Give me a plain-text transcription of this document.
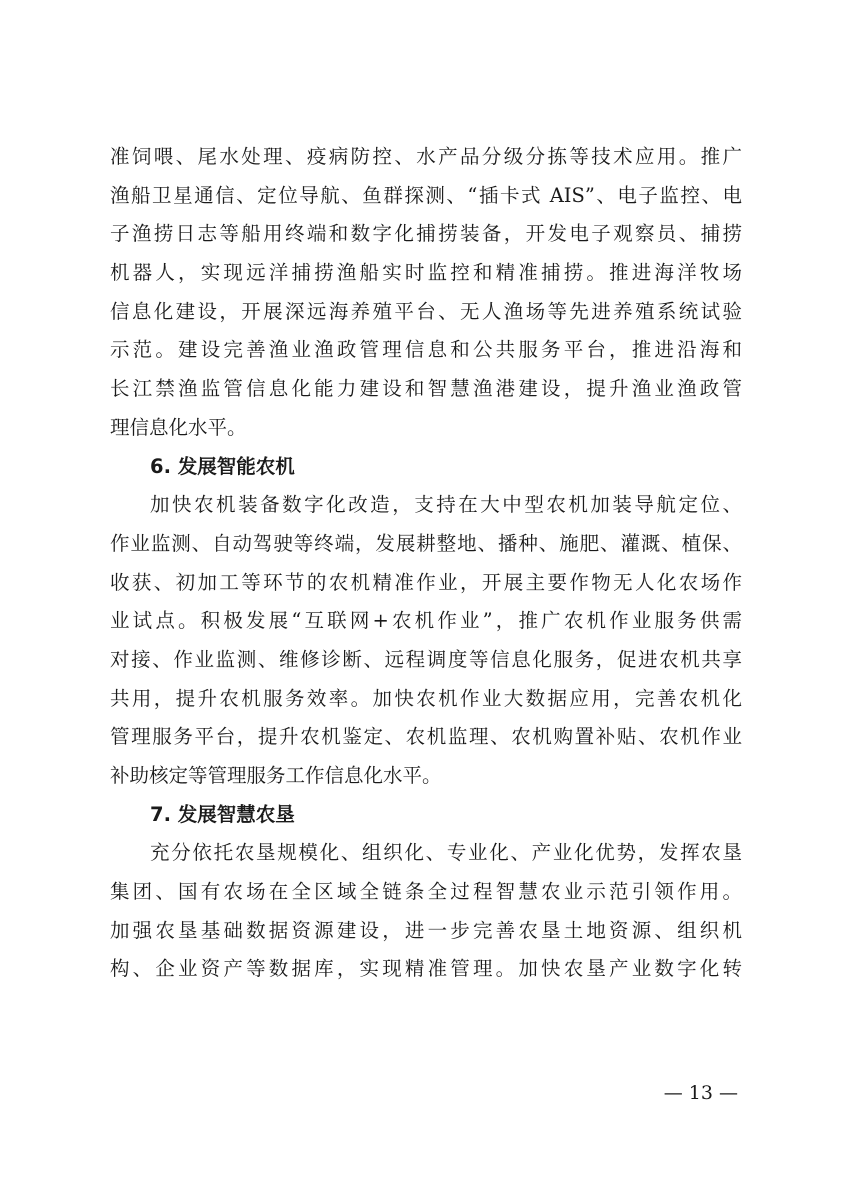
准饲喂、尾水处理、疫病防控、水产品分级分拣等技术应用。推广
渔船卫星通信、定位导航、鱼群探测、“插卡式 AIS”、电子监控、电
子渔捞日志等船用终端和数字化捕捞装备，开发电子观察员、捕捞
机器人，实现远洋捕捞渔船实时监控和精准捕捞。推进海洋牧场
信息化建设，开展深远海养殖平台、无人渔场等先进养殖系统试验
示范。建设完善渔业渔政管理信息和公共服务平台，推进沿海和
长江禁渔监管信息化能力建设和智慧渔港建设，提升渔业渔政管
理信息化水平。
6. 发展智能农机
加快农机装备数字化改造，支持在大中型农机加装导航定位、
作业监测、自动驾驶等终端，发展耕整地、播种、施肥、灌溉、植保、
收获、初加工等环节的农机精准作业，开展主要作物无人化农场作
业试点。积极发展“互联网+农机作业”，推广农机作业服务供需
对接、作业监测、维修诊断、远程调度等信息化服务，促进农机共享
共用，提升农机服务效率。加快农机作业大数据应用，完善农机化
管理服务平台，提升农机鉴定、农机监理、农机购置补贴、农机作业
补助核定等管理服务工作信息化水平。
7. 发展智慧农垦
充分依托农垦规模化、组织化、专业化、产业化优势，发挥农垦
集团、国有农场在全区域全链条全过程智慧农业示范引领作用。
加强农垦基础数据资源建设，进一步完善农垦土地资源、组织机
构、企业资产等数据库，实现精准管理。加快农垦产业数字化转
— 13 —
